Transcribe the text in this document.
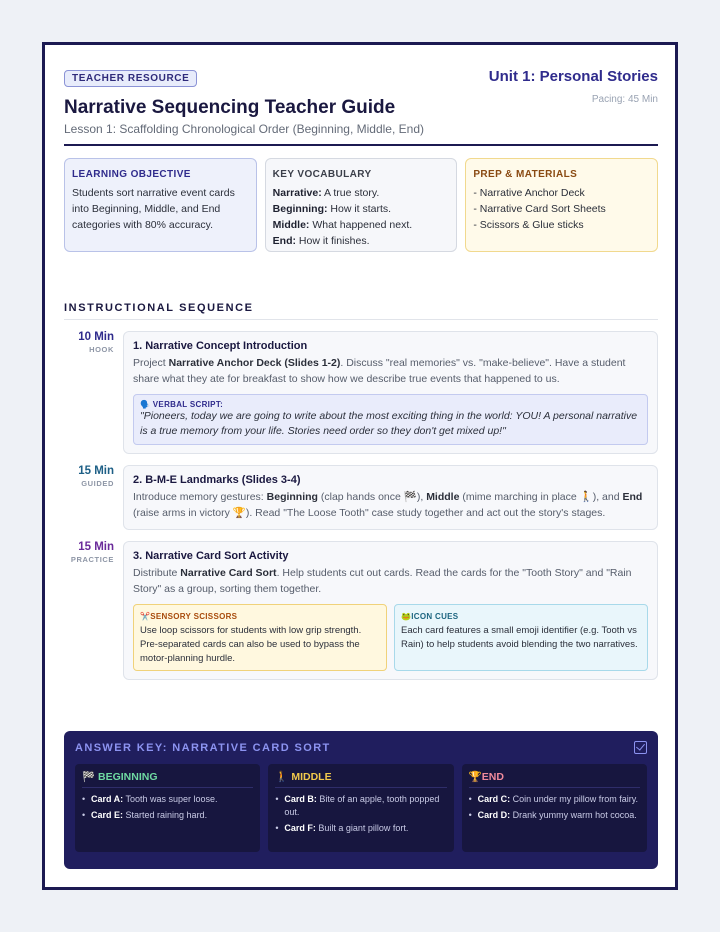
TEACHER RESOURCE	Unit 1: Personal Stories
Pacing: 45 Min
Narrative Sequencing Teacher Guide
Lesson 1: Scaffolding Chronological Order (Beginning, Middle, End)
LEARNING OBJECTIVE
Students sort narrative event cards into Beginning, Middle, and End categories with 80% accuracy.
KEY VOCABULARY
Narrative: A true story.
Beginning: How it starts.
Middle: What happened next.
End: How it finishes.
PREP & MATERIALS
- Narrative Anchor Deck
- Narrative Card Sort Sheets
- Scissors & Glue sticks
INSTRUCTIONAL SEQUENCE
10 Min
HOOK 1. Narrative Concept Introduction

Project Narrative Anchor Deck (Slides 1-2). Discuss "real memories" vs. "make-believe". Have a student share what they ate for breakfast to show how we describe true events that happened to us.

🗣️ VERBAL SCRIPT:
"Pioneers, today we are going to write about the most exciting thing in the world: YOU! A personal narrative is a true memory from your life. Stories need order so they don't get mixed up!"
15 Min
GUIDED 2. B-M-E Landmarks (Slides 3-4)

Introduce memory gestures: Beginning (clap hands once 🏁), Middle (mime marching in place 🚶), and End (raise arms in victory 🏆). Read "The Loose Tooth" case study together and act out the story's stages.

15 Min
PRACTICE 3. Narrative Card Sort Activity

Distribute Narrative Card Sort. Help students cut out cards. Read the cards for the "Tooth Story" and "Rain Story" as a group, sorting them together.

✂️SENSORY SCISSORS
Use loop scissors for students with low grip strength. Pre-separated cards can also be used to bypass the motor-planning hurdle.
🐸ICON CUES
Each card features a small emoji identifier (e.g. Tooth vs Rain) to help students avoid blending the two narratives.
ANSWER KEY: NARRATIVE CARD SORT
🏁 BEGINNING
• Card A: Tooth was super loose.
• Card E: Started raining hard.
🚶 MIDDLE
• Card B: Bite of an apple, tooth popped out.
• Card F: Built a giant pillow fort.
🏆END
• Card C: Coin under my pillow from fairy.
• Card D: Drank yummy warm hot cocoa.
